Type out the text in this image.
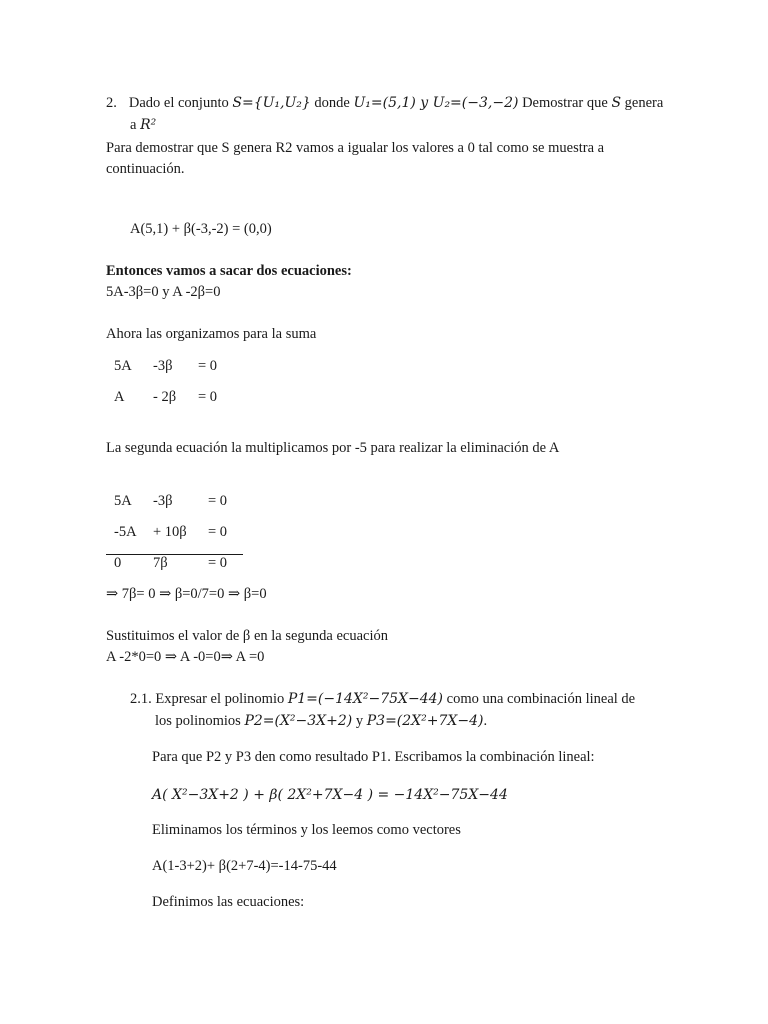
2. Dado el conjunto S={U₁,U₂} donde U₁=(5,1) y U₂=(−3,−2) Demostrar que S genera
a R²
Para demostrar que S genera R2 vamos a igualar los valores a 0 tal como se muestra a
continuación.
A(5,1) + β(-3,-2) = (0,0)
Entonces vamos a sacar dos ecuaciones:
5A-3β=0 y A -2β=0
Ahora las organizamos para la suma
5A -3β = 0
A - 2β = 0
La segunda ecuación la multiplicamos por -5 para realizar la eliminación de A
5A -3β = 0
-5A + 10β = 0
0 7β	= 0
⇒ 7β= 0 ⇒ β=0/7=0 ⇒ β=0
Sustituimos el valor de β en la segunda ecuación
A -2*0=0 ⇒ A -0=0⇒ A =0
2.1. Expresar el polinomio P1=(−14X²−75X−44) como una combinación lineal de
los polinomios P2=(X²−3X+2) y P3=(2X²+7X−4).
Para que P2 y P3 den como resultado P1. Escribamos la combinación lineal:
A( X²−3X+2 ) + β( 2X²+7X−4 ) = −14X²−75X−44
Eliminamos los términos y los leemos como vectores
A(1-3+2)+ β(2+7-4)=-14-75-44
Definimos las ecuaciones:
